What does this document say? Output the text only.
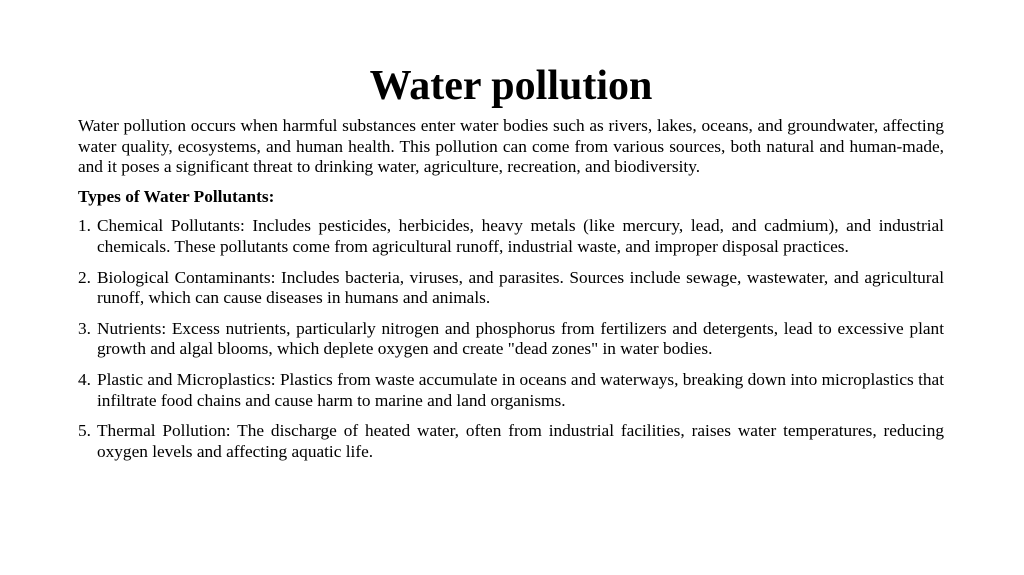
Water pollution

Water pollution occurs when harmful substances enter water bodies such as rivers, lakes, oceans, and groundwater, affecting water quality, ecosystems, and human health. This pollution can come from various sources, both natural and human-made, and it poses a significant threat to drinking water, agriculture, recreation, and biodiversity.

Types of Water Pollutants:

1. Chemical Pollutants: Includes pesticides, herbicides, heavy metals (like mercury, lead, and cadmium), and industrial chemicals. These pollutants come from agricultural runoff, industrial waste, and improper disposal practices.
2. Biological Contaminants: Includes bacteria, viruses, and parasites. Sources include sewage, wastewater, and agricultural runoff, which can cause diseases in humans and animals.
3. Nutrients: Excess nutrients, particularly nitrogen and phosphorus from fertilizers and detergents, lead to excessive plant growth and algal blooms, which deplete oxygen and create "dead zones" in water bodies.
4. Plastic and Microplastics: Plastics from waste accumulate in oceans and waterways, breaking down into microplastics that infiltrate food chains and cause harm to marine and land organisms.
5. Thermal Pollution: The discharge of heated water, often from industrial facilities, raises water temperatures, reducing oxygen levels and affecting aquatic life.
